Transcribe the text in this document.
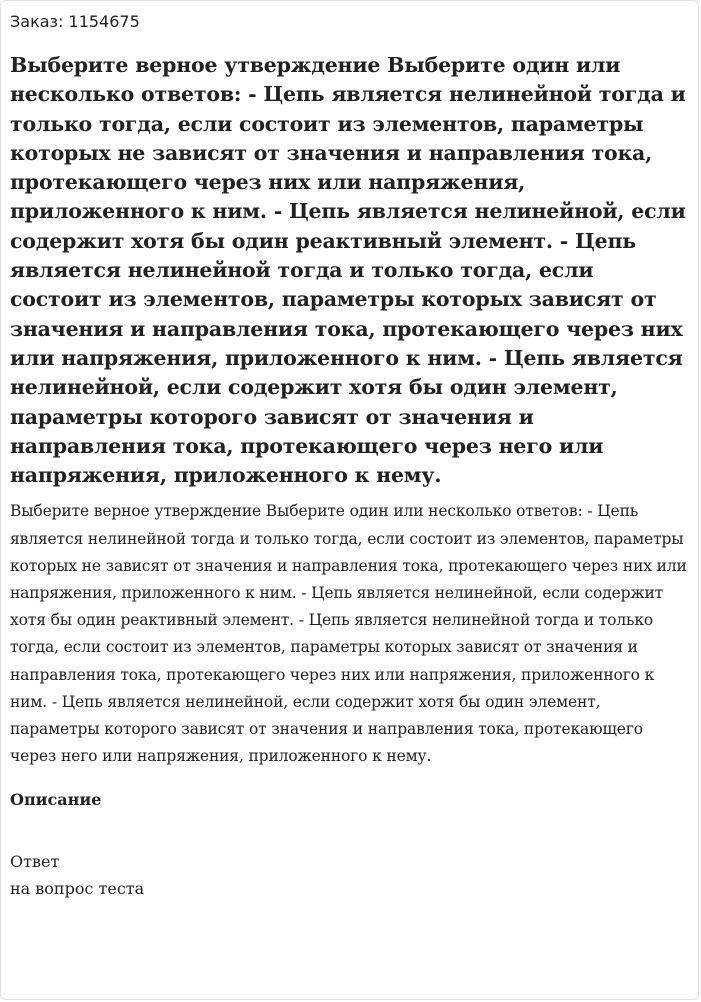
Заказ: 1154675
Выберите верное утверждение Выберите один или несколько ответов: - Цепь является нелинейной тогда и только тогда, если состоит из элементов, параметры которых не зависят от значения и направления тока, протекающего через них или напряжения, приложенного к ним. - Цепь является нелинейной, если содержит хотя бы один реактивный элемент. - Цепь является нелинейной тогда и только тогда, если состоит из элементов, параметры которых зависят от значения и направления тока, протекающего через них или напряжения, приложенного к ним. - Цепь является нелинейной, если содержит хотя бы один элемент, параметры которого зависят от значения и направления тока, протекающего через него или напряжения, приложенного к нему.
Выберите верное утверждение Выберите один или несколько ответов: - Цепь является нелинейной тогда и только тогда, если состоит из элементов, параметры которых не зависят от значения и направления тока, протекающего через них или напряжения, приложенного к ним. - Цепь является нелинейной, если содержит хотя бы один реактивный элемент. - Цепь является нелинейной тогда и только тогда, если состоит из элементов, параметры которых зависят от значения и направления тока, протекающего через них или напряжения, приложенного к ним. - Цепь является нелинейной, если содержит хотя бы один элемент, параметры которого зависят от значения и направления тока, протекающего через него или напряжения, приложенного к нему.
Описание
Ответ
на вопрос теста
